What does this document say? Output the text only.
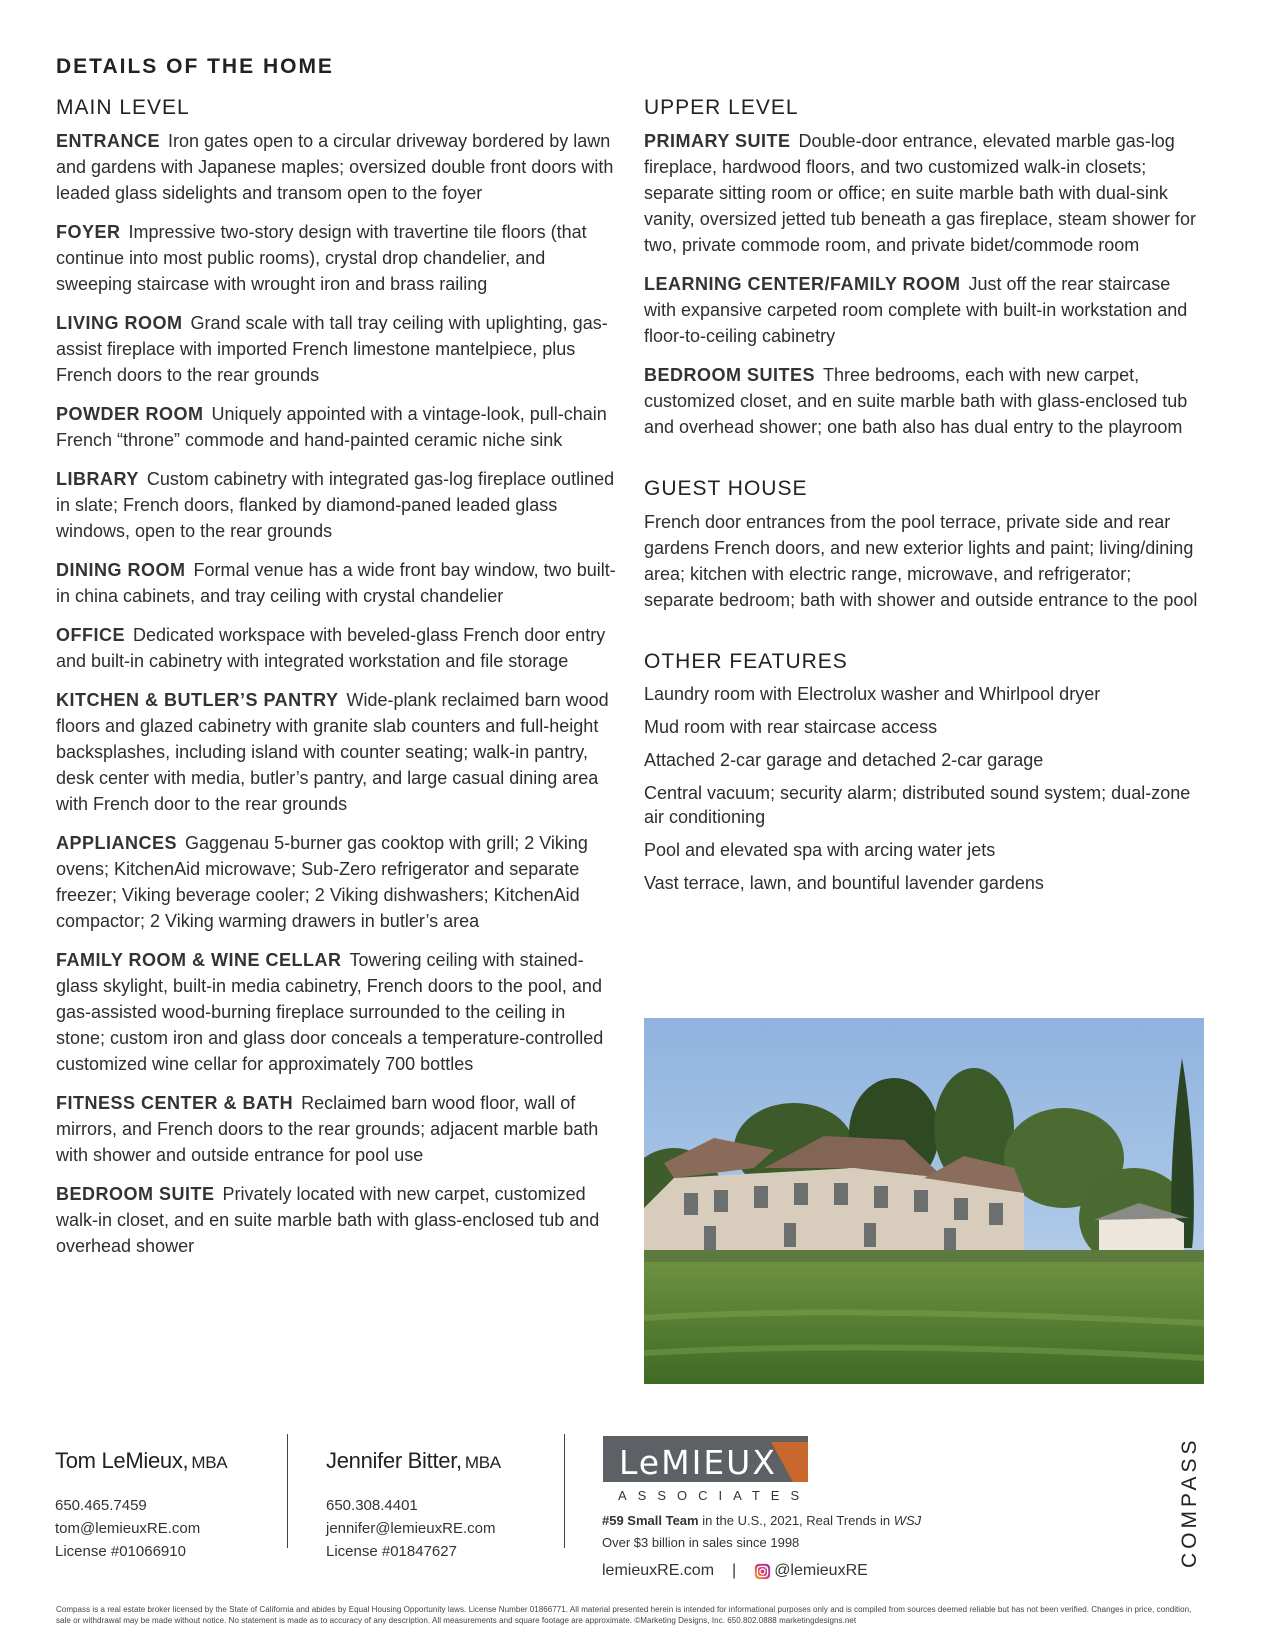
DETAILS OF THE HOME
MAIN LEVEL
ENTRANCE Iron gates open to a circular driveway bordered by lawn and gardens with Japanese maples; oversized double front doors with leaded glass sidelights and transom open to the foyer
FOYER Impressive two-story design with travertine tile floors (that continue into most public rooms), crystal drop chandelier, and sweeping staircase with wrought iron and brass railing
LIVING ROOM Grand scale with tall tray ceiling with uplighting, gas-assist fireplace with imported French limestone mantelpiece, plus French doors to the rear grounds
POWDER ROOM Uniquely appointed with a vintage-look, pull-chain French “throne” commode and hand-painted ceramic niche sink
LIBRARY Custom cabinetry with integrated gas-log fireplace outlined in slate; French doors, flanked by diamond-paned leaded glass windows, open to the rear grounds
DINING ROOM Formal venue has a wide front bay window, two built-in china cabinets, and tray ceiling with crystal chandelier
OFFICE Dedicated workspace with beveled-glass French door entry and built-in cabinetry with integrated workstation and file storage
KITCHEN & BUTLER’S PANTRY Wide-plank reclaimed barn wood floors and glazed cabinetry with granite slab counters and full-height backsplashes, including island with counter seating; walk-in pantry, desk center with media, butler’s pantry, and large casual dining area with French door to the rear grounds
APPLIANCES Gaggenau 5-burner gas cooktop with grill; 2 Viking ovens; KitchenAid microwave; Sub-Zero refrigerator and separate freezer; Viking beverage cooler; 2 Viking dishwashers; KitchenAid compactor; 2 Viking warming drawers in butler’s area
FAMILY ROOM & WINE CELLAR Towering ceiling with stained-glass skylight, built-in media cabinetry, French doors to the pool, and gas-assisted wood-burning fireplace surrounded to the ceiling in stone; custom iron and glass door conceals a temperature-controlled customized wine cellar for approximately 700 bottles
FITNESS CENTER & BATH Reclaimed barn wood floor, wall of mirrors, and French doors to the rear grounds; adjacent marble bath with shower and outside entrance for pool use
BEDROOM SUITE Privately located with new carpet, customized walk-in closet, and en suite marble bath with glass-enclosed tub and overhead shower
UPPER LEVEL
PRIMARY SUITE Double-door entrance, elevated marble gas-log fireplace, hardwood floors, and two customized walk-in closets; separate sitting room or office; en suite marble bath with dual-sink vanity, oversized jetted tub beneath a gas fireplace, steam shower for two, private commode room, and private bidet/commode room
LEARNING CENTER/FAMILY ROOM Just off the rear staircase with expansive carpeted room complete with built-in workstation and floor-to-ceiling cabinetry
BEDROOM SUITES Three bedrooms, each with new carpet, customized closet, and en suite marble bath with glass-enclosed tub and overhead shower; one bath also has dual entry to the playroom
GUEST HOUSE
French door entrances from the pool terrace, private side and rear gardens French doors, and new exterior lights and paint; living/dining area; kitchen with electric range, microwave, and refrigerator; separate bedroom; bath with shower and outside entrance to the pool
OTHER FEATURES
Laundry room with Electrolux washer and Whirlpool dryer
Mud room with rear staircase access
Attached 2-car garage and detached 2-car garage
Central vacuum; security alarm; distributed sound system; dual-zone air conditioning
Pool and elevated spa with arcing water jets
Vast terrace, lawn, and bountiful lavender gardens
Tom LeMieux, MBA
650.465.7459
tom@lemieuxRE.com
License #01066910
Jennifer Bitter, MBA
650.308.4401
jennifer@lemieuxRE.com
License #01847627
LeMIEUX
ASSOCIATES
#59 Small Team in the U.S., 2021, Real Trends in WSJ
Over $3 billion in sales since 1998
lemieuxRE.com | @lemieuxRE
COMPASS
Compass is a real estate broker licensed by the State of California and abides by Equal Housing Opportunity laws. License Number 01866771. All material presented herein is intended for informational purposes only and is compiled from sources deemed reliable but has not been verified. Changes in price, condition, sale or withdrawal may be made without notice. No statement is made as to accuracy of any description. All measurements and square footage are approximate. ©Marketing Designs, Inc. 650.802.0888 marketingdesigns.net
